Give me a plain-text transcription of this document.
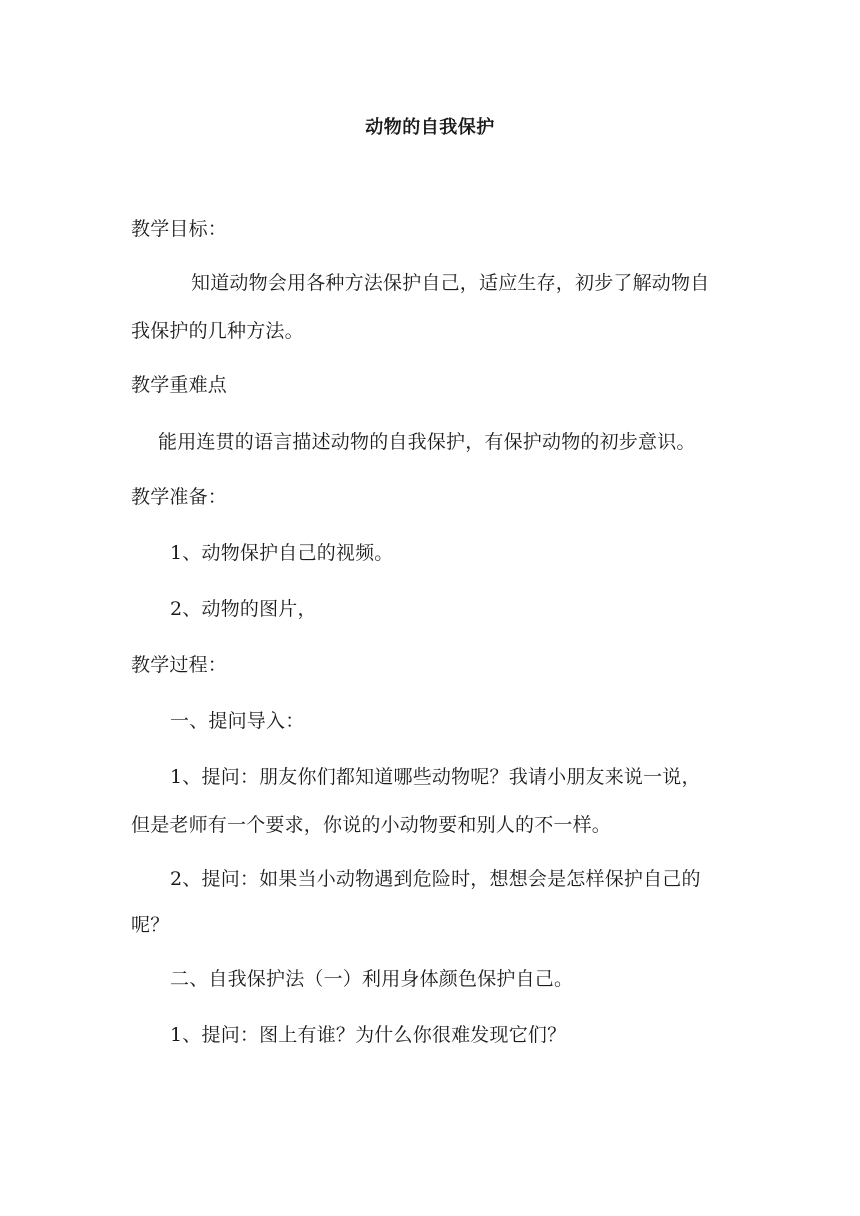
动物的自我保护
教学目标：
知道动物会用各种方法保护自己，适应生存，初步了解动物自
我保护的几种方法。
教学重难点
能用连贯的语言描述动物的自我保护，有保护动物的初步意识。
教学准备：
1、动物保护自己的视频。
2、动物的图片，
教学过程：
一、提问导入：
1、提问：朋友你们都知道哪些动物呢？我请小朋友来说一说，
但是老师有一个要求，你说的小动物要和别人的不一样。
2、提问：如果当小动物遇到危险时，想想会是怎样保护自己的
呢？
二、自我保护法（一）利用身体颜色保护自己。
1、提问：图上有谁？为什么你很难发现它们？
